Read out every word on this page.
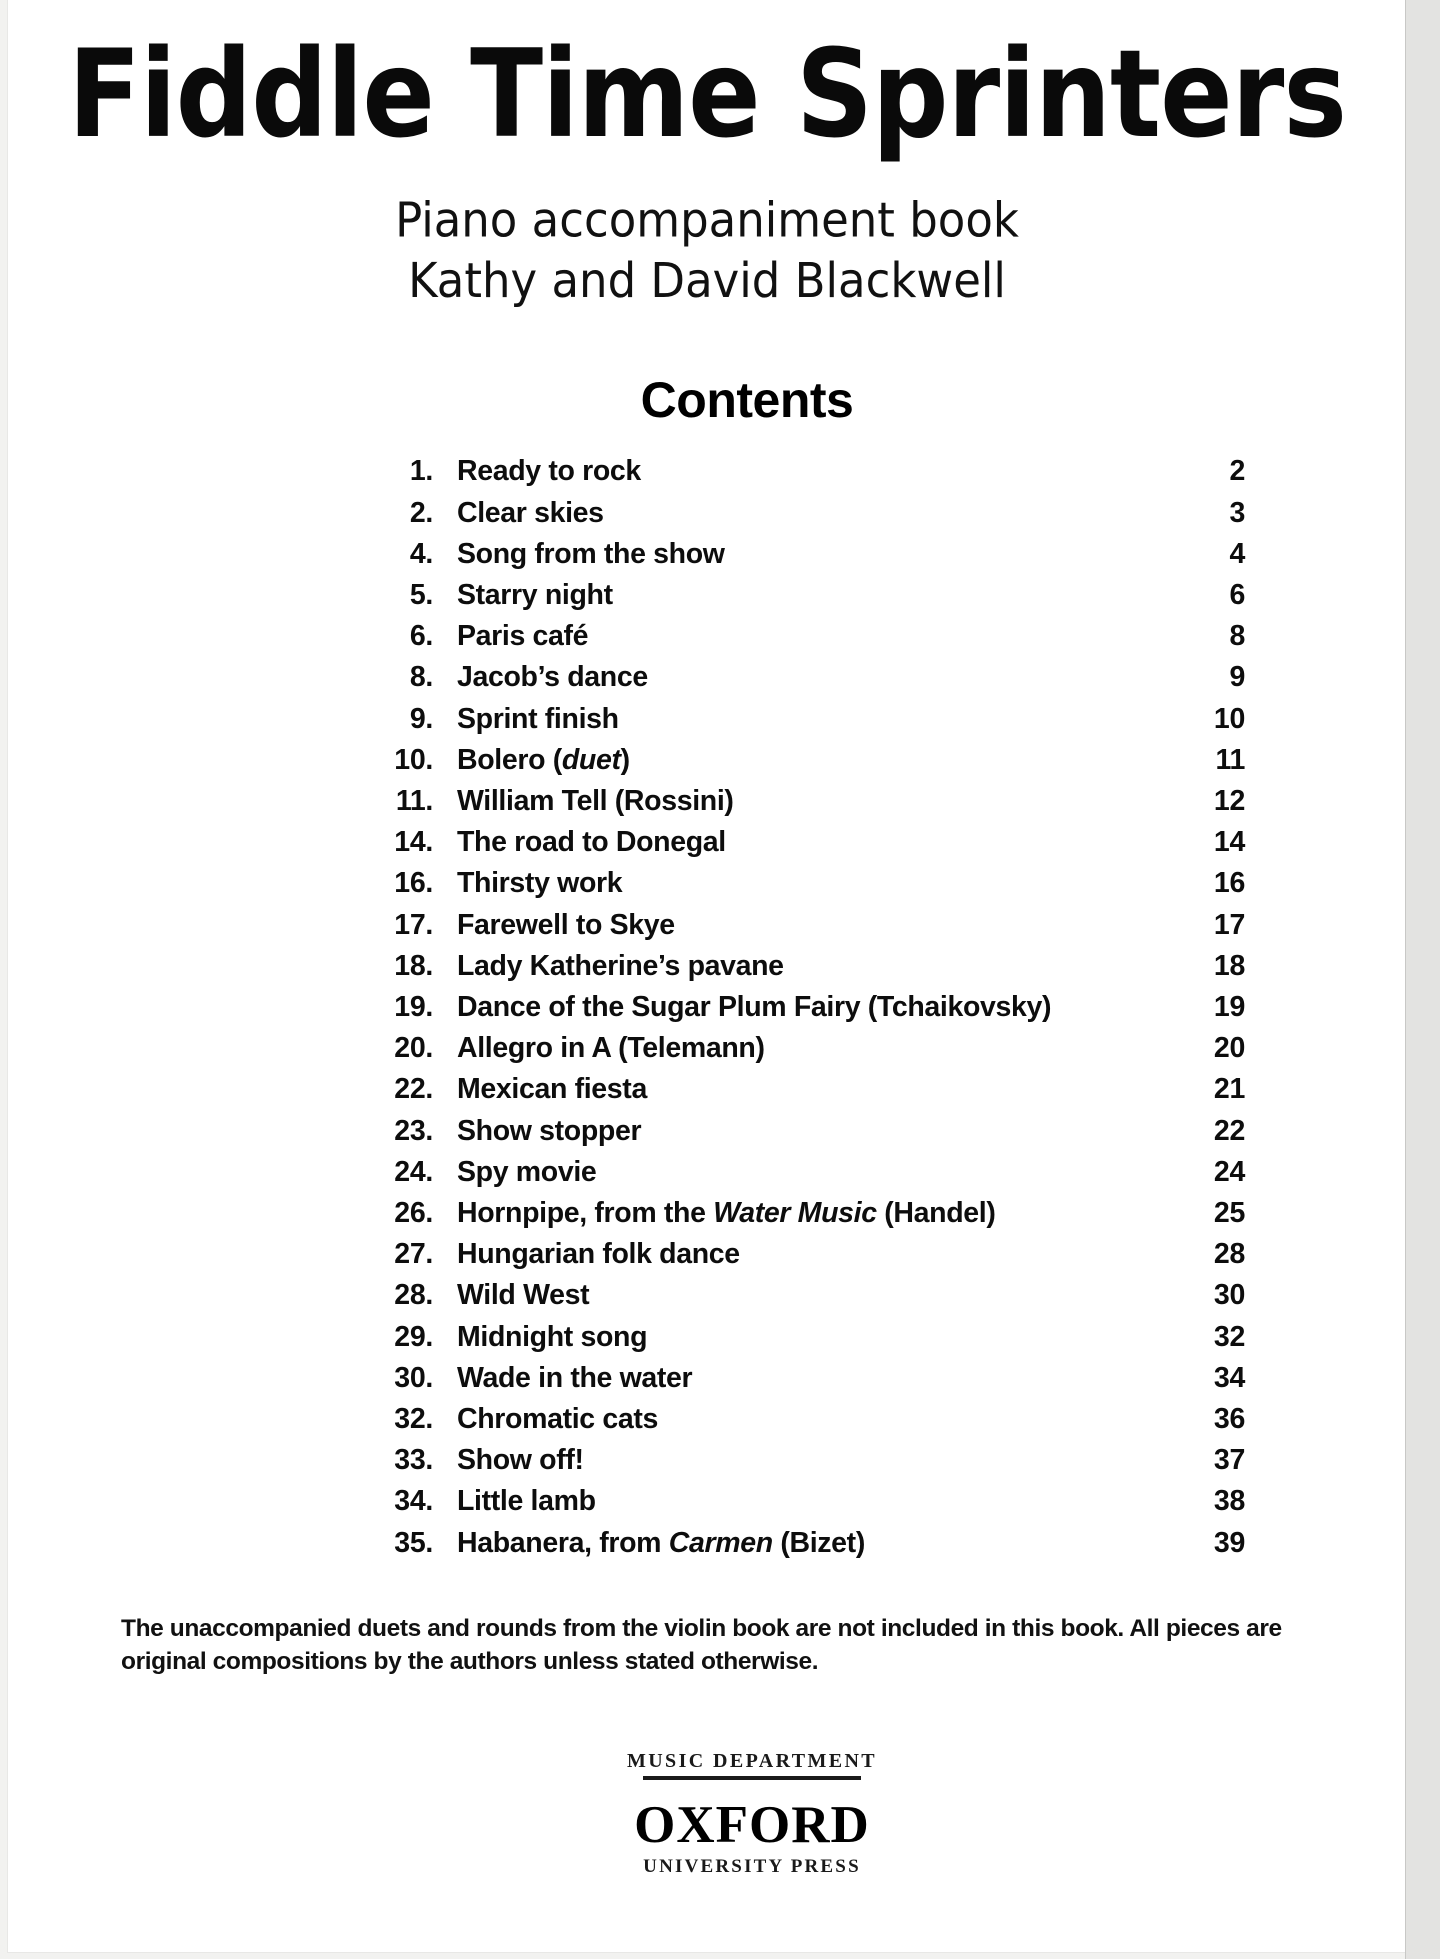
Fiddle Time Sprinters

Piano accompaniment book

Kathy and David Blackwell

Contents
1. Ready to rock	2
2. Clear skies	3
4. Song from the show	4
5. Starry night	6
6. Paris café	8
8. Jacob’s dance	9
9. Sprint finish	10
10. Bolero (duet)	11
11. William Tell (Rossini)	12
14. The road to Donegal	14
16. Thirsty work	16
17. Farewell to Skye	17
18. Lady Katherine’s pavane	18
19. Dance of the Sugar Plum Fairy (Tchaikovsky)	19
20. Allegro in A (Telemann)	20
22. Mexican fiesta	21
23. Show stopper	22
24. Spy movie	24
26. Hornpipe, from the Water Music (Handel)	25
27. Hungarian folk dance	28
28. Wild West	30
29. Midnight song	32
30. Wade in the water	34
32. Chromatic cats	36
33. Show off!	37
34. Little lamb	38
35. Habanera, from Carmen (Bizet)	39

The unaccompanied duets and rounds from the violin book are not included in this book. All pieces are original compositions by the authors unless stated otherwise.

MUSIC DEPARTMENT
OXFORD
UNIVERSITY PRESS
